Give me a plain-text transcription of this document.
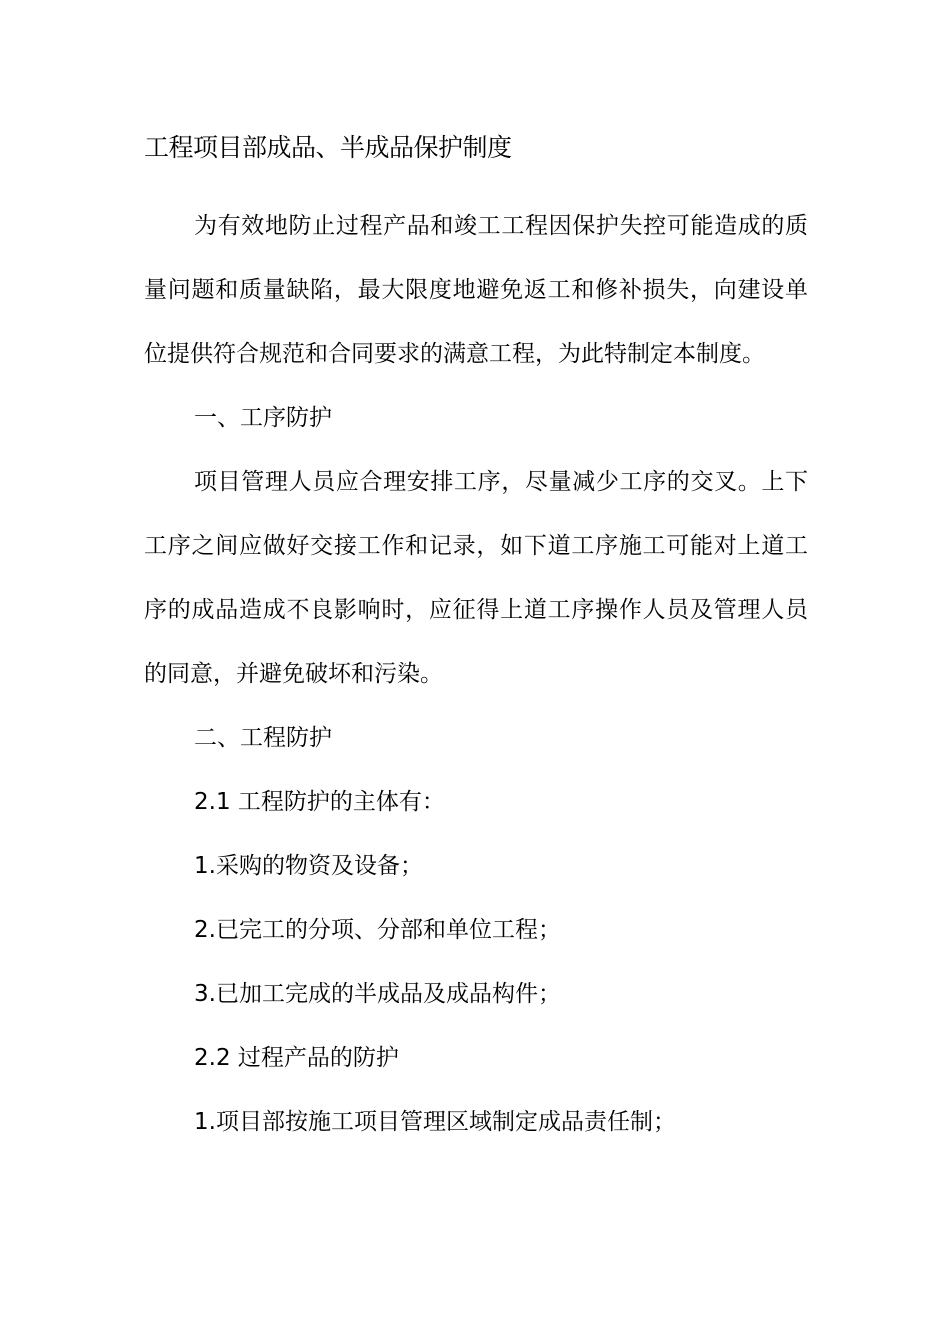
工程项目部成品、半成品保护制度

为有效地防止过程产品和竣工工程因保护失控可能造成的质量问题和质量缺陷，最大限度地避免返工和修补损失，向建设单位提供符合规范和合同要求的满意工程，为此特制定本制度。

一、工序防护

项目管理人员应合理安排工序，尽量减少工序的交叉。上下工序之间应做好交接工作和记录，如下道工序施工可能对上道工序的成品造成不良影响时，应征得上道工序操作人员及管理人员的同意，并避免破坏和污染。

二、工程防护

2.1 工程防护的主体有：

1.采购的物资及设备；

2.已完工的分项、分部和单位工程；

3.已加工完成的半成品及成品构件；

2.2 过程产品的防护

1.项目部按施工项目管理区域制定成品责任制；
